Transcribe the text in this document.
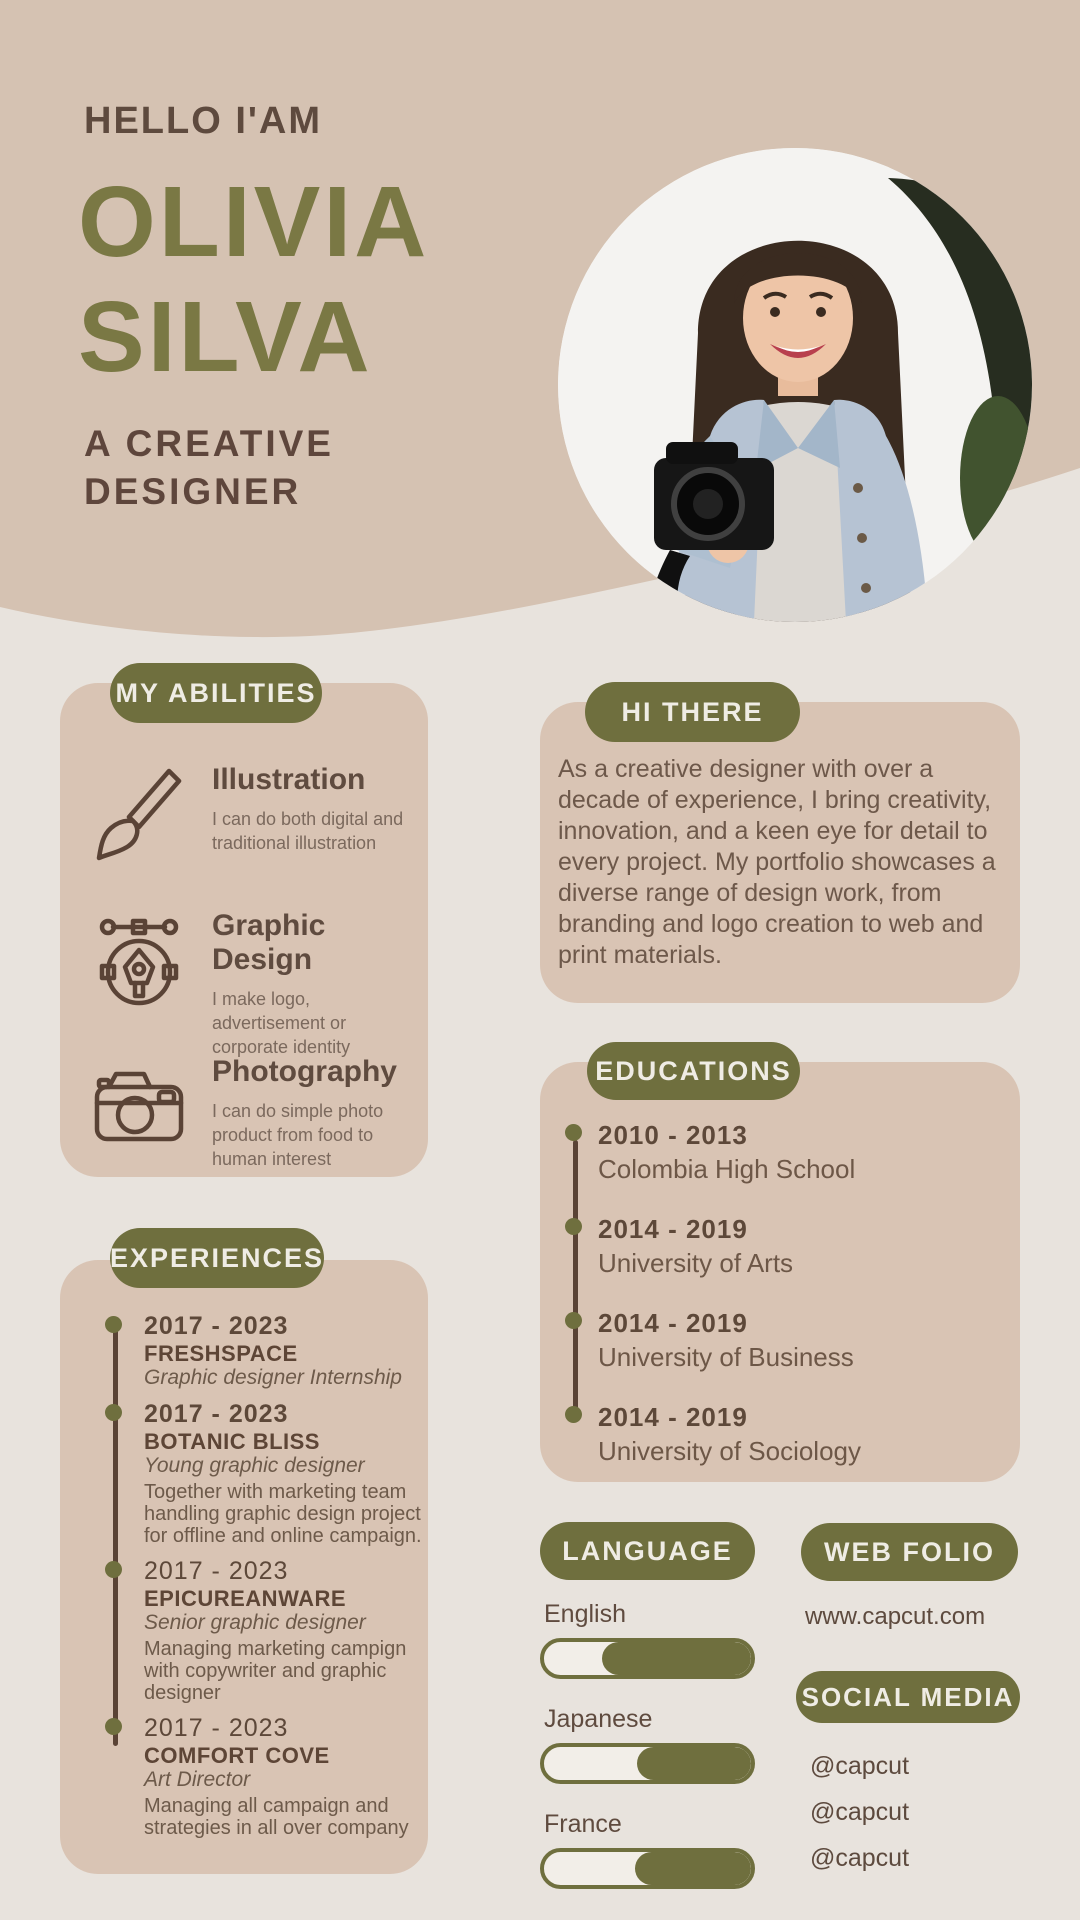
HELLO I'AM
OLIVIA
SILVA
A CREATIVE
DESIGNER
MY ABILITIES
Illustration
I can do both digital and traditional illustration
Graphic Design
I make logo, advertisement or corporate identity
Photography
I can do simple photo product from food to human interest
HI THERE

As a creative designer with over a decade of experience, I bring creativity, innovation, and a keen eye for detail to every project. My portfolio showcases a diverse range of design work, from branding and logo creation to web and print materials.

EDUCATIONS
2010 - 2013
Colombia High School
2014 - 2019
University of Arts
2014 - 2019
University of Business
2014 - 2019
University of Sociology
EXPERIENCES
2017 - 2023
FRESHSPACE
Graphic designer Internship
2017 - 2023
BOTANIC BLISS
Young graphic designer
Together with marketing team handling graphic design project for offline and online campaign.
2017 - 2023
EPICUREANWARE
Senior graphic designer
Managing marketing campign with copywriter and graphic designer
2017 - 2023
COMFORT COVE
Art Director
Managing all campaign and strategies in all over company
LANGUAGE
English
Japanese
France
WEB FOLIO
www.capcut.com
SOCIAL MEDIA
@capcut
@capcut
@capcut
